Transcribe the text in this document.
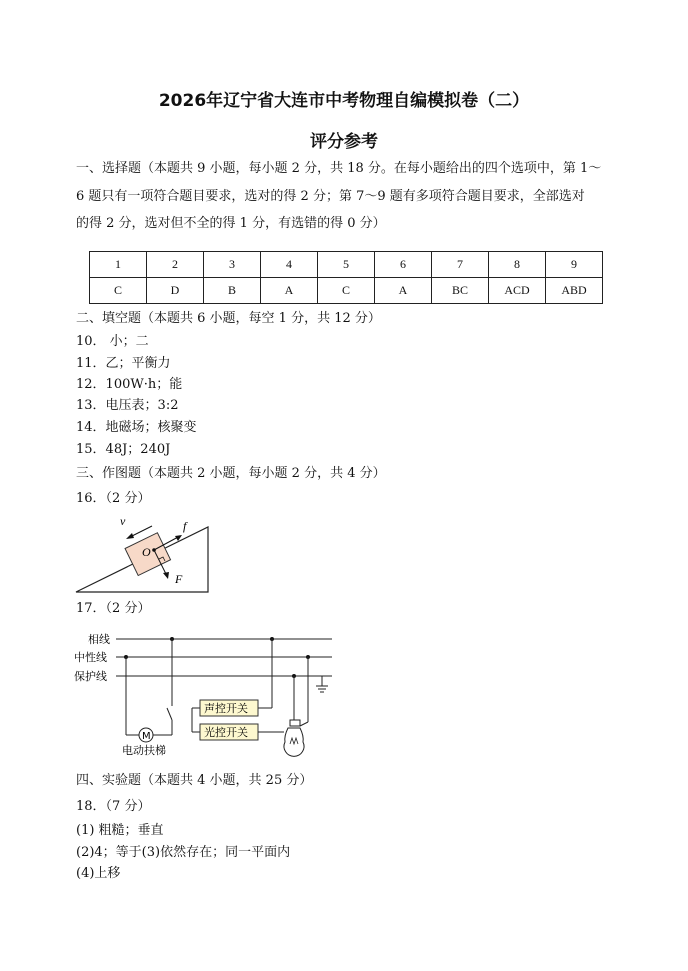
2026年辽宁省大连市中考物理自编模拟卷（二）
评分参考
一、选择题（本题共 9 小题，每小题 2 分，共 18 分。在每小题给出的四个选项中，第 1～
6 题只有一项符合题目要求，选对的得 2 分；第 7～9 题有多项符合题目要求，全部选对
的得 2 分，选对但不全的得 1 分，有选错的得 0 分）
1	2	3	4	5	6	7	8	9
C	D	B	A	C	A	BC	ACD	ABD
二、填空题（本题共 6 小题，每空 1 分，共 12 分）
10． 小；二
11．乙；平衡力
12．100W·h；能
13．电压表；3:2
14．地磁场；核聚变
15．48J；240J
三、作图题（本题共 2 小题，每小题 2 分，共 4 分）
16．（2 分）
v	f
O
F
17．（2 分）
相线
中性线
保护线
M
电动扶梯
声控开关
光控开关
四、实验题（本题共 4 小题，共 25 分）
18．（7 分）
(1) 粗糙；垂直
(2)4；等于(3)依然存在；同一平面内
(4)上移
